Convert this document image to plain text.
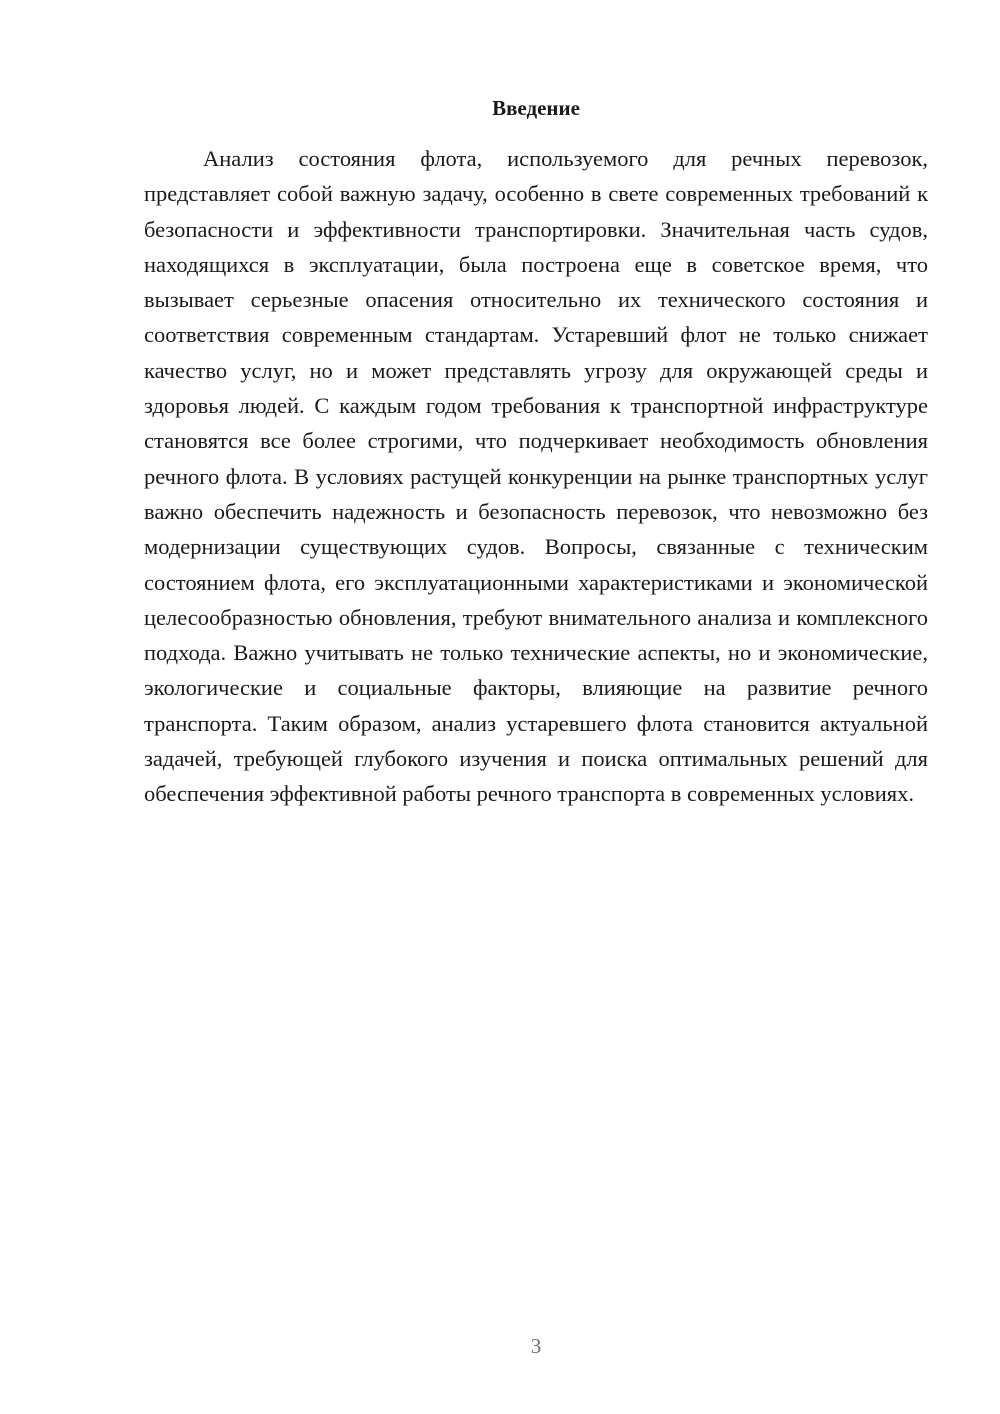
Введение

Анализ состояния флота, используемого для речных перевозок, представляет собой важную задачу, особенно в свете современных требований к безопасности и эффективности транспортировки. Значительная часть судов, находящихся в эксплуатации, была построена еще в советское время, что вызывает серьезные опасения относительно их технического состояния и соответствия современным стандартам. Устаревший флот не только снижает качество услуг, но и может представлять угрозу для окружающей среды и здоровья людей. С каждым годом требования к транспортной инфраструктуре становятся все более строгими, что подчеркивает необходимость обновления речного флота. В условиях растущей конкуренции на рынке транспортных услуг важно обеспечить надежность и безопасность перевозок, что невозможно без модернизации существующих судов. Вопросы, связанные с техническим состоянием флота, его эксплуатационными характеристиками и экономической целесообразностью обновления, требуют внимательного анализа и комплексного подхода. Важно учитывать не только технические аспекты, но и экономические, экологические и социальные факторы, влияющие на развитие речного транспорта. Таким образом, анализ устаревшего флота становится актуальной задачей, требующей глубокого изучения и поиска оптимальных решений для обеспечения эффективной работы речного транспорта в современных условиях.

3
